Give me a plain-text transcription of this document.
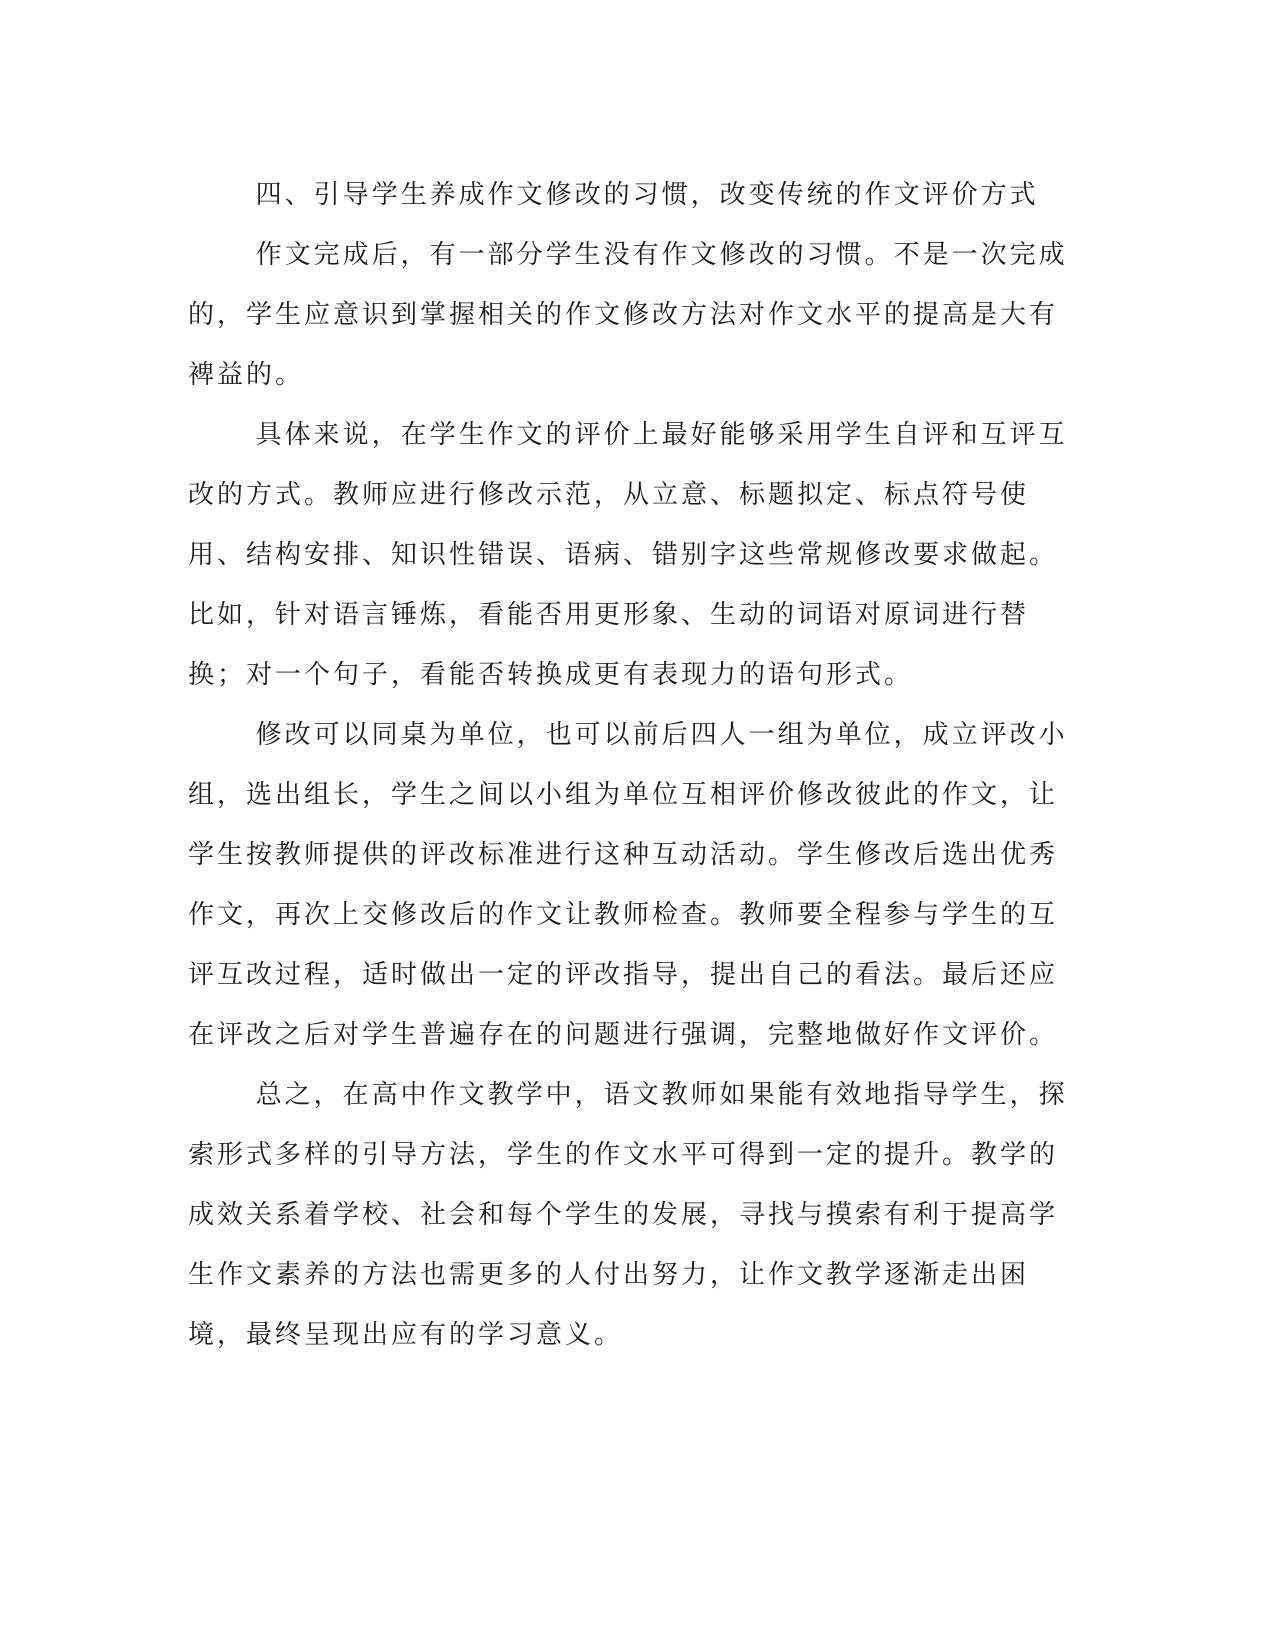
四、引导学生养成作文修改的习惯，改变传统的作文评价方式

作文完成后，有一部分学生没有作文修改的习惯。不是一次完成的，学生应意识到掌握相关的作文修改方法对作文水平的提高是大有裨益的。

具体来说，在学生作文的评价上最好能够采用学生自评和互评互改的方式。教师应进行修改示范，从立意、标题拟定、标点符号使用、结构安排、知识性错误、语病、错别字这些常规修改要求做起。比如，针对语言锤炼，看能否用更形象、生动的词语对原词进行替换；对一个句子，看能否转换成更有表现力的语句形式。

修改可以同桌为单位，也可以前后四人一组为单位，成立评改小组，选出组长，学生之间以小组为单位互相评价修改彼此的作文，让学生按教师提供的评改标准进行这种互动活动。学生修改后选出优秀作文，再次上交修改后的作文让教师检查。教师要全程参与学生的互评互改过程，适时做出一定的评改指导，提出自己的看法。最后还应在评改之后对学生普遍存在的问题进行强调，完整地做好作文评价。

总之，在高中作文教学中，语文教师如果能有效地指导学生，探索形式多样的引导方法，学生的作文水平可得到一定的提升。教学的成效关系着学校、社会和每个学生的发展，寻找与摸索有利于提高学生作文素养的方法也需更多的人付出努力，让作文教学逐渐走出困境，最终呈现出应有的学习意义。
